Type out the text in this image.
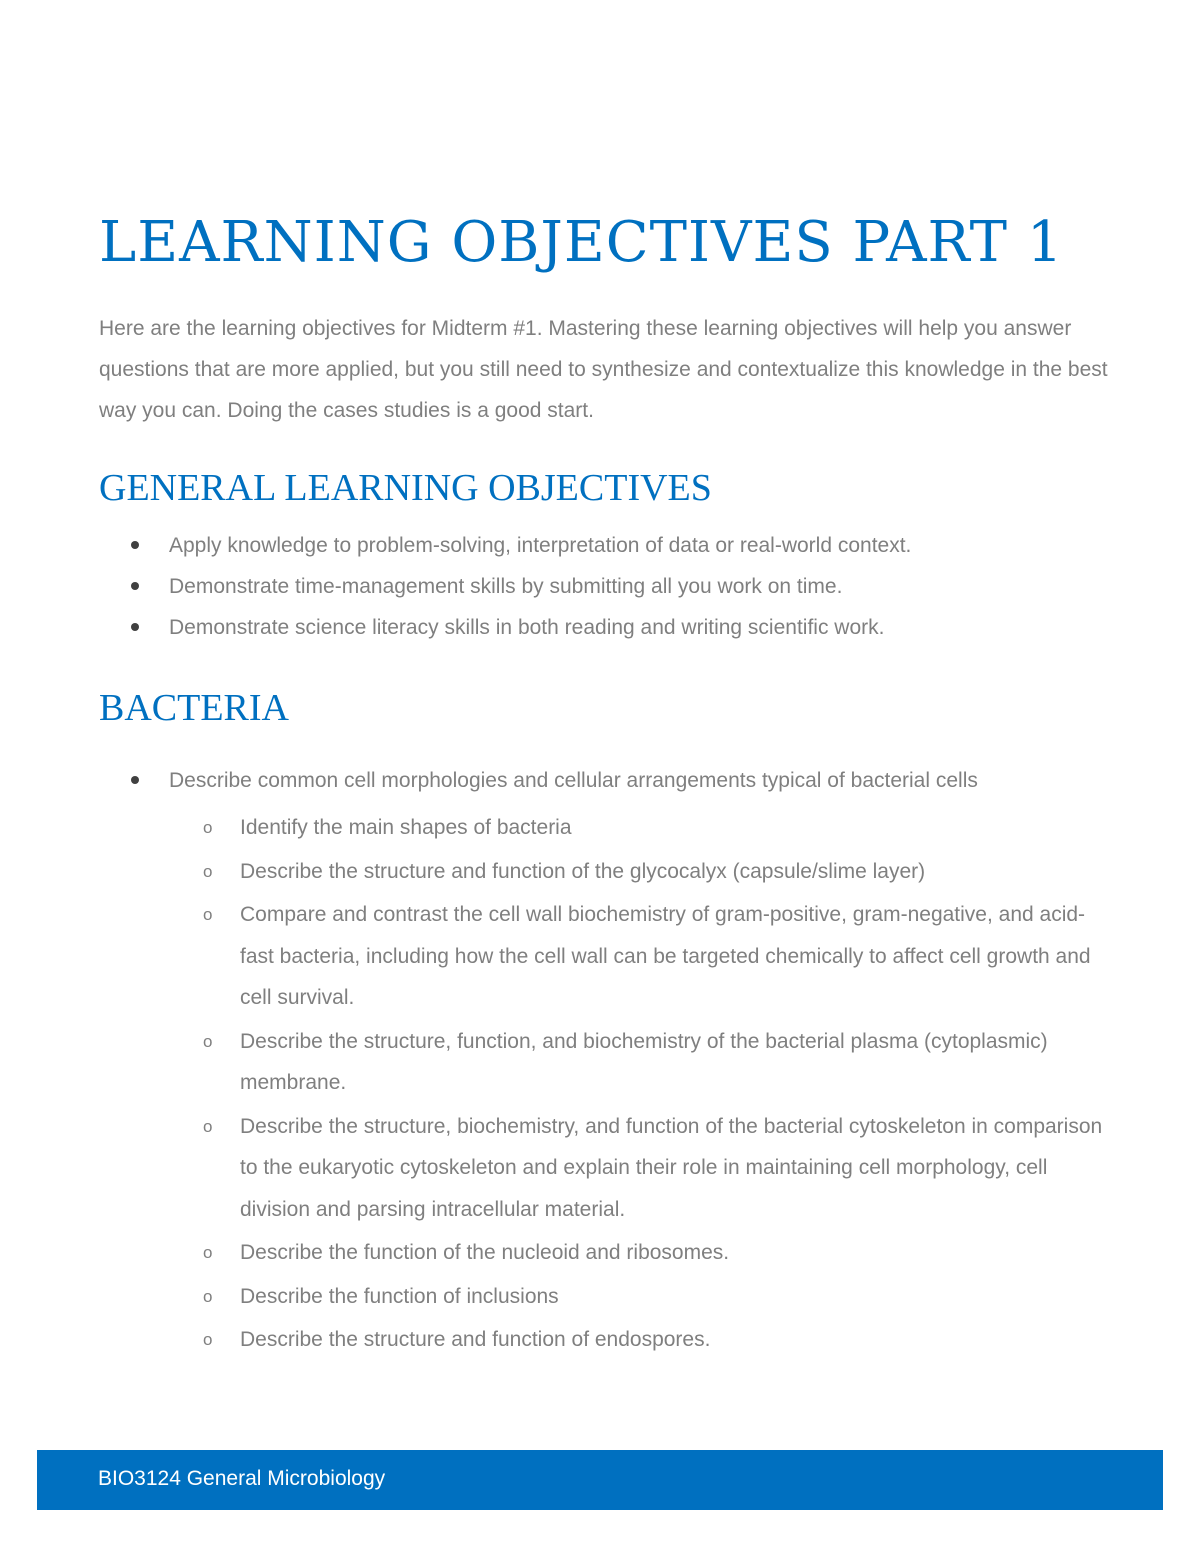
LEARNING OBJECTIVES PART 1

Here are the learning objectives for Midterm #1. Mastering these learning objectives will help you answer questions that are more applied, but you still need to synthesize and contextualize this knowledge in the best way you can. Doing the cases studies is a good start.

GENERAL LEARNING OBJECTIVES
Apply knowledge to problem-solving, interpretation of data or real-world context.
Demonstrate time-management skills by submitting all you work on time.
Demonstrate science literacy skills in both reading and writing scientific work.
BACTERIA
Describe common cell morphologies and cellular arrangements typical of bacterial cells
o Identify the main shapes of bacteria
o Describe the structure and function of the glycocalyx (capsule/slime layer)
o Compare and contrast the cell wall biochemistry of gram-positive, gram-negative, and acid-fast bacteria, including how the cell wall can be targeted chemically to affect cell growth and cell survival.
o Describe the structure, function, and biochemistry of the bacterial plasma (cytoplasmic) membrane.
o Describe the structure, biochemistry, and function of the bacterial cytoskeleton in comparison to the eukaryotic cytoskeleton and explain their role in maintaining cell morphology, cell division and parsing intracellular material.
o Describe the function of the nucleoid and ribosomes.
o Describe the function of inclusions
o Describe the structure and function of endospores.
BIO3124 General Microbiology
